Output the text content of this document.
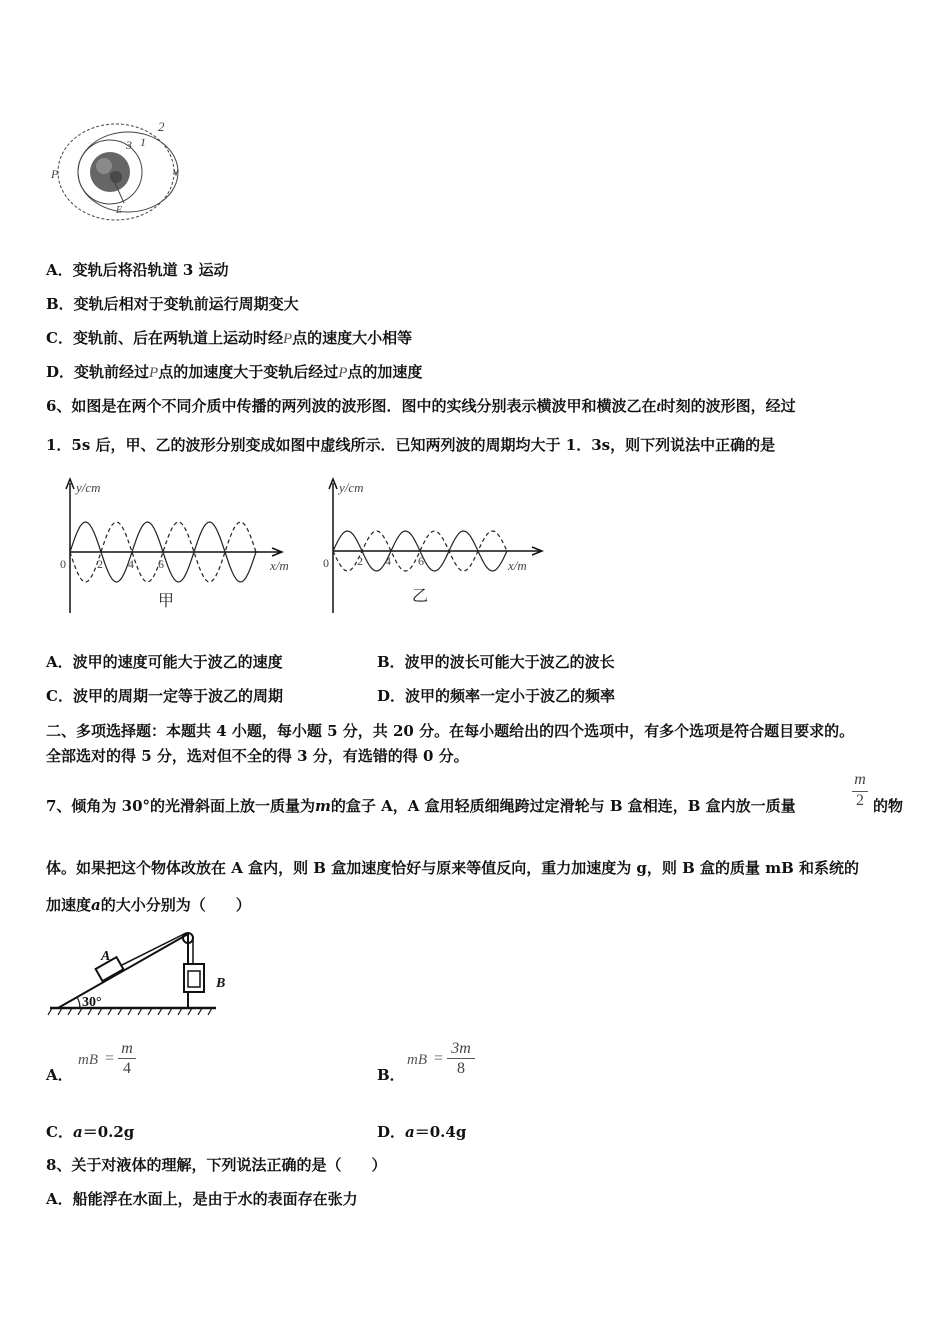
2
3 1
P
E
A．变轨后将沿轨道 3 运动
B．变轨后相对于变轨前运行周期变大
C．变轨前、后在两轨道上运动时经P点的速度大小相等
D．变轨前经过P点的加速度大于变轨后经过P点的加速度
6、如图是在两个不同介质中传播的两列波的波形图．图中的实线分别表示横波甲和横波乙在t时刻的波形图，经过
1．5s 后，甲、乙的波形分别变成如图中虚线所示．已知两列波的周期均大于 1．3s，则下列说法中正确的是
y/cm
x/m
0	2 4 6
甲
y/cm
x/m
0 2 4 6
乙
A．波甲的速度可能大于波乙的速度	B．波甲的波长可能大于波乙的波长
C．波甲的周期一定等于波乙的周期	D．波甲的频率一定小于波乙的频率
二、多项选择题：本题共 4 小题，每小题 5 分，共 20 分。在每小题给出的四个选项中，有多个选项是符合题目要求的。
全部选对的得 5 分，选对但不全的得 3 分，有选错的得 0 分。
7、倾角为 30°的光滑斜面上放一质量为m的盒子 A，A 盒用轻质细绳跨过定滑轮与 B 盒相连，B 盒内放一质量
m
2 的物
体。如果把这个物体改放在 A 盒内，则 B 盒加速度恰好与原来等值反向，重力加速度为 g，则 B 盒的质量 mB 和系统的
加速度a的大小分别为（　　）
A
B
30°
A．
mB =
m
4	B．
mB =
3m
8
C．a＝0.2g	D．a＝0.4g
8、关于对液体的理解，下列说法正确的是（　　）
A．船能浮在水面上，是由于水的表面存在张力
